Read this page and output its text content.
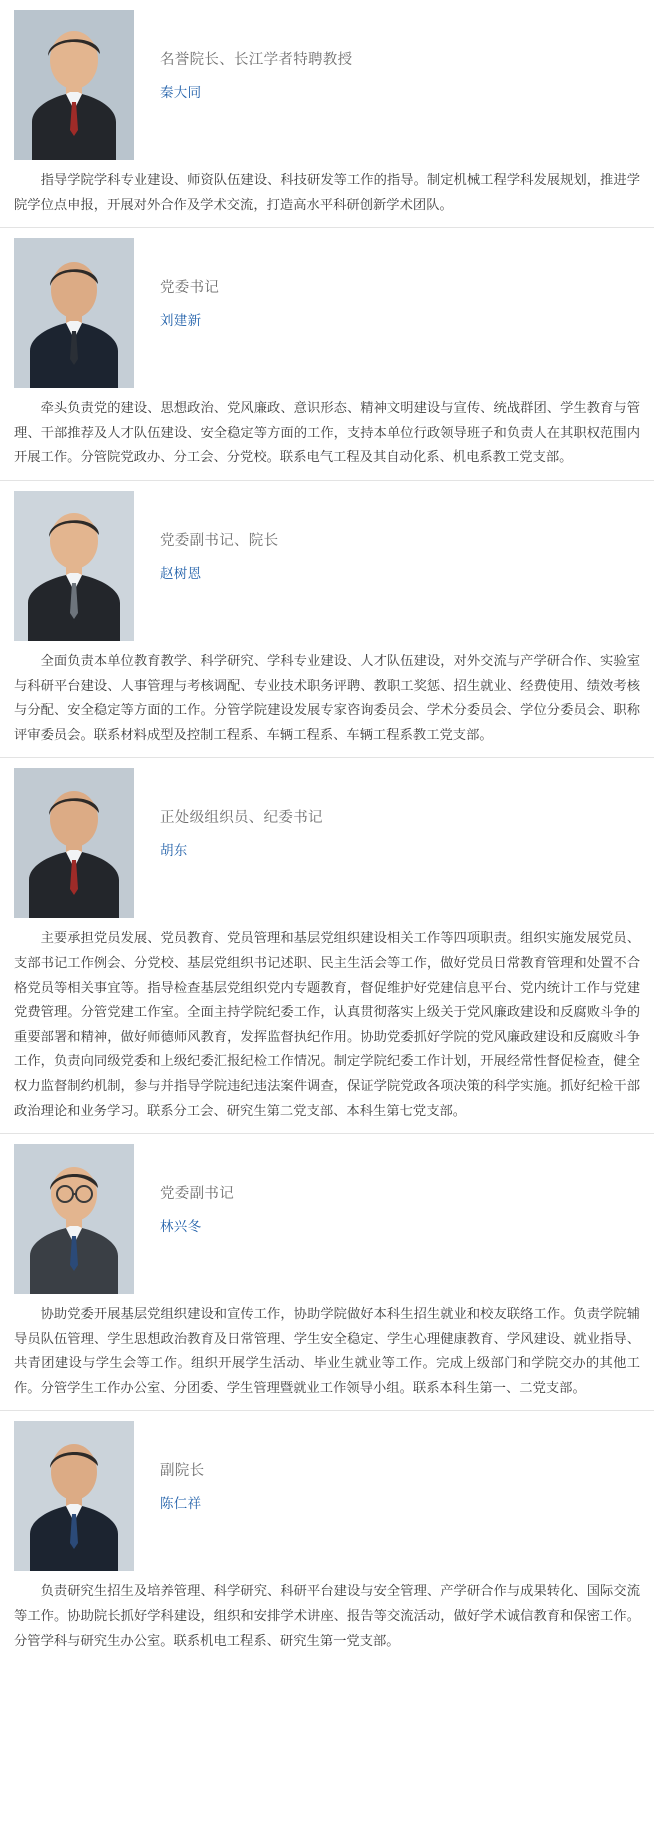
名誉院长、长江学者特聘教授
秦大同
指导学院学科专业建设、师资队伍建设、科技研发等工作的指导。制定机械工程学科发展规划，推进学院学位点申报，开展对外合作及学术交流，打造高水平科研创新学术团队。
党委书记
刘建新
牵头负责党的建设、思想政治、党风廉政、意识形态、精神文明建设与宣传、统战群团、学生教育与管理、干部推荐及人才队伍建设、安全稳定等方面的工作，支持本单位行政领导班子和负责人在其职权范围内开展工作。分管院党政办、分工会、分党校。联系电气工程及其自动化系、机电系教工党支部。
党委副书记、院长
赵树恩
全面负责本单位教育教学、科学研究、学科专业建设、人才队伍建设，对外交流与产学研合作、实验室与科研平台建设、人事管理与考核调配、专业技术职务评聘、教职工奖惩、招生就业、经费使用、绩效考核与分配、安全稳定等方面的工作。分管学院建设发展专家咨询委员会、学术分委员会、学位分委员会、职称评审委员会。联系材料成型及控制工程系、车辆工程系、车辆工程系教工党支部。
正处级组织员、纪委书记
胡东
主要承担党员发展、党员教育、党员管理和基层党组织建设相关工作等四项职责。组织实施发展党员、支部书记工作例会、分党校、基层党组织书记述职、民主生活会等工作，做好党员日常教育管理和处置不合格党员等相关事宜等。指导检查基层党组织党内专题教育，督促维护好党建信息平台、党内统计工作与党建党费管理。分管党建工作室。全面主持学院纪委工作，认真贯彻落实上级关于党风廉政建设和反腐败斗争的重要部署和精神，做好师德师风教育，发挥监督执纪作用。协助党委抓好学院的党风廉政建设和反腐败斗争工作，负责向同级党委和上级纪委汇报纪检工作情况。制定学院纪委工作计划，开展经常性督促检查，健全权力监督制约机制，参与并指导学院违纪违法案件调查，保证学院党政各项决策的科学实施。抓好纪检干部政治理论和业务学习。联系分工会、研究生第二党支部、本科生第七党支部。
党委副书记
林兴冬
协助党委开展基层党组织建设和宣传工作，协助学院做好本科生招生就业和校友联络工作。负责学院辅导员队伍管理、学生思想政治教育及日常管理、学生安全稳定、学生心理健康教育、学风建设、就业指导、共青团建设与学生会等工作。组织开展学生活动、毕业生就业等工作。完成上级部门和学院交办的其他工作。分管学生工作办公室、分团委、学生管理暨就业工作领导小组。联系本科生第一、二党支部。
副院长
陈仁祥
负责研究生招生及培养管理、科学研究、科研平台建设与安全管理、产学研合作与成果转化、国际交流等工作。协助院长抓好学科建设，组织和安排学术讲座、报告等交流活动，做好学术诚信教育和保密工作。分管学科与研究生办公室。联系机电工程系、研究生第一党支部。
